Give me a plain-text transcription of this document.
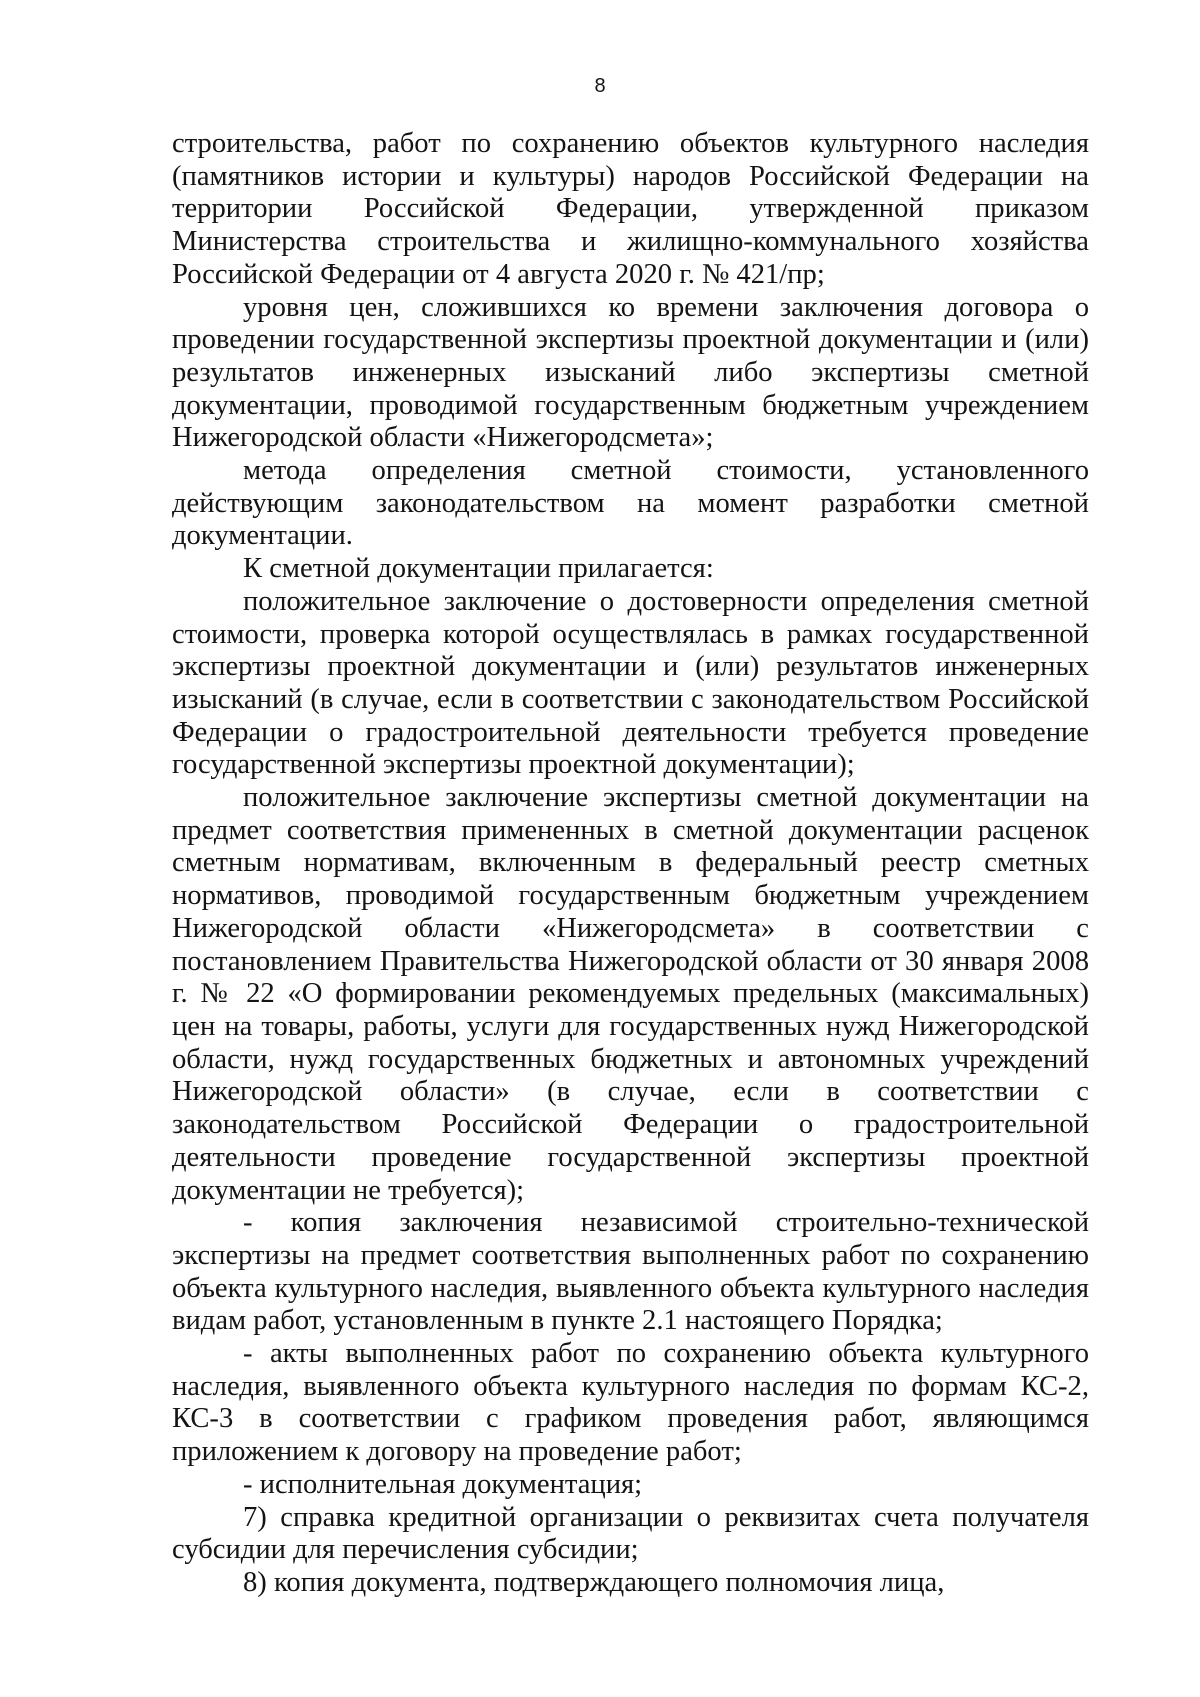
8

строительства, работ по сохранению объектов культурного наследия (памятников истории и культуры) народов Российской Федерации на территории Российской Федерации, утвержденной приказом Министерства строительства и жилищно-коммунального хозяйства Российской Федерации от 4 августа 2020 г. № 421/пр;

уровня цен, сложившихся ко времени заключения договора о проведении государственной экспертизы проектной документации и (или) результатов инженерных изысканий либо экспертизы сметной документации, проводимой государственным бюджетным учреждением Нижегородской области «Нижегородсмета»;

метода определения сметной стоимости, установленного действующим законодательством на момент разработки сметной документации.

К сметной документации прилагается:

положительное заключение о достоверности определения сметной стоимости, проверка которой осуществлялась в рамках государственной экспертизы проектной документации и (или) результатов инженерных изысканий (в случае, если в соответствии с законодательством Российской Федерации о градостроительной деятельности требуется проведение государственной экспертизы проектной документации);

положительное заключение экспертизы сметной документации на предмет соответствия примененных в сметной документации расценок сметным нормативам, включенным в федеральный реестр сметных нормативов, проводимой государственным бюджетным учреждением Нижегородской области «Нижегородсмета» в соответствии с постановлением Правительства Нижегородской области от 30 января 2008 г. № 22 «О формировании рекомендуемых предельных (максимальных) цен на товары, работы, услуги для государственных нужд Нижегородской области, нужд государственных бюджетных и автономных учреждений Нижегородской области» (в случае, если в соответствии с законодательством Российской Федерации о градостроительной деятельности проведение государственной экспертизы проектной документации не требуется);

- копия заключения независимой строительно-технической экспертизы на предмет соответствия выполненных работ по сохранению объекта культурного наследия, выявленного объекта культурного наследия видам работ, установленным в пункте 2.1 настоящего Порядка;

- акты выполненных работ по сохранению объекта культурного наследия, выявленного объекта культурного наследия по формам КС-2, КС-3 в соответствии с графиком проведения работ, являющимся приложением к договору на проведение работ;

- исполнительная документация;

7) справка кредитной организации о реквизитах счета получателя субсидии для перечисления субсидии;

8) копия документа, подтверждающего полномочия лица,
